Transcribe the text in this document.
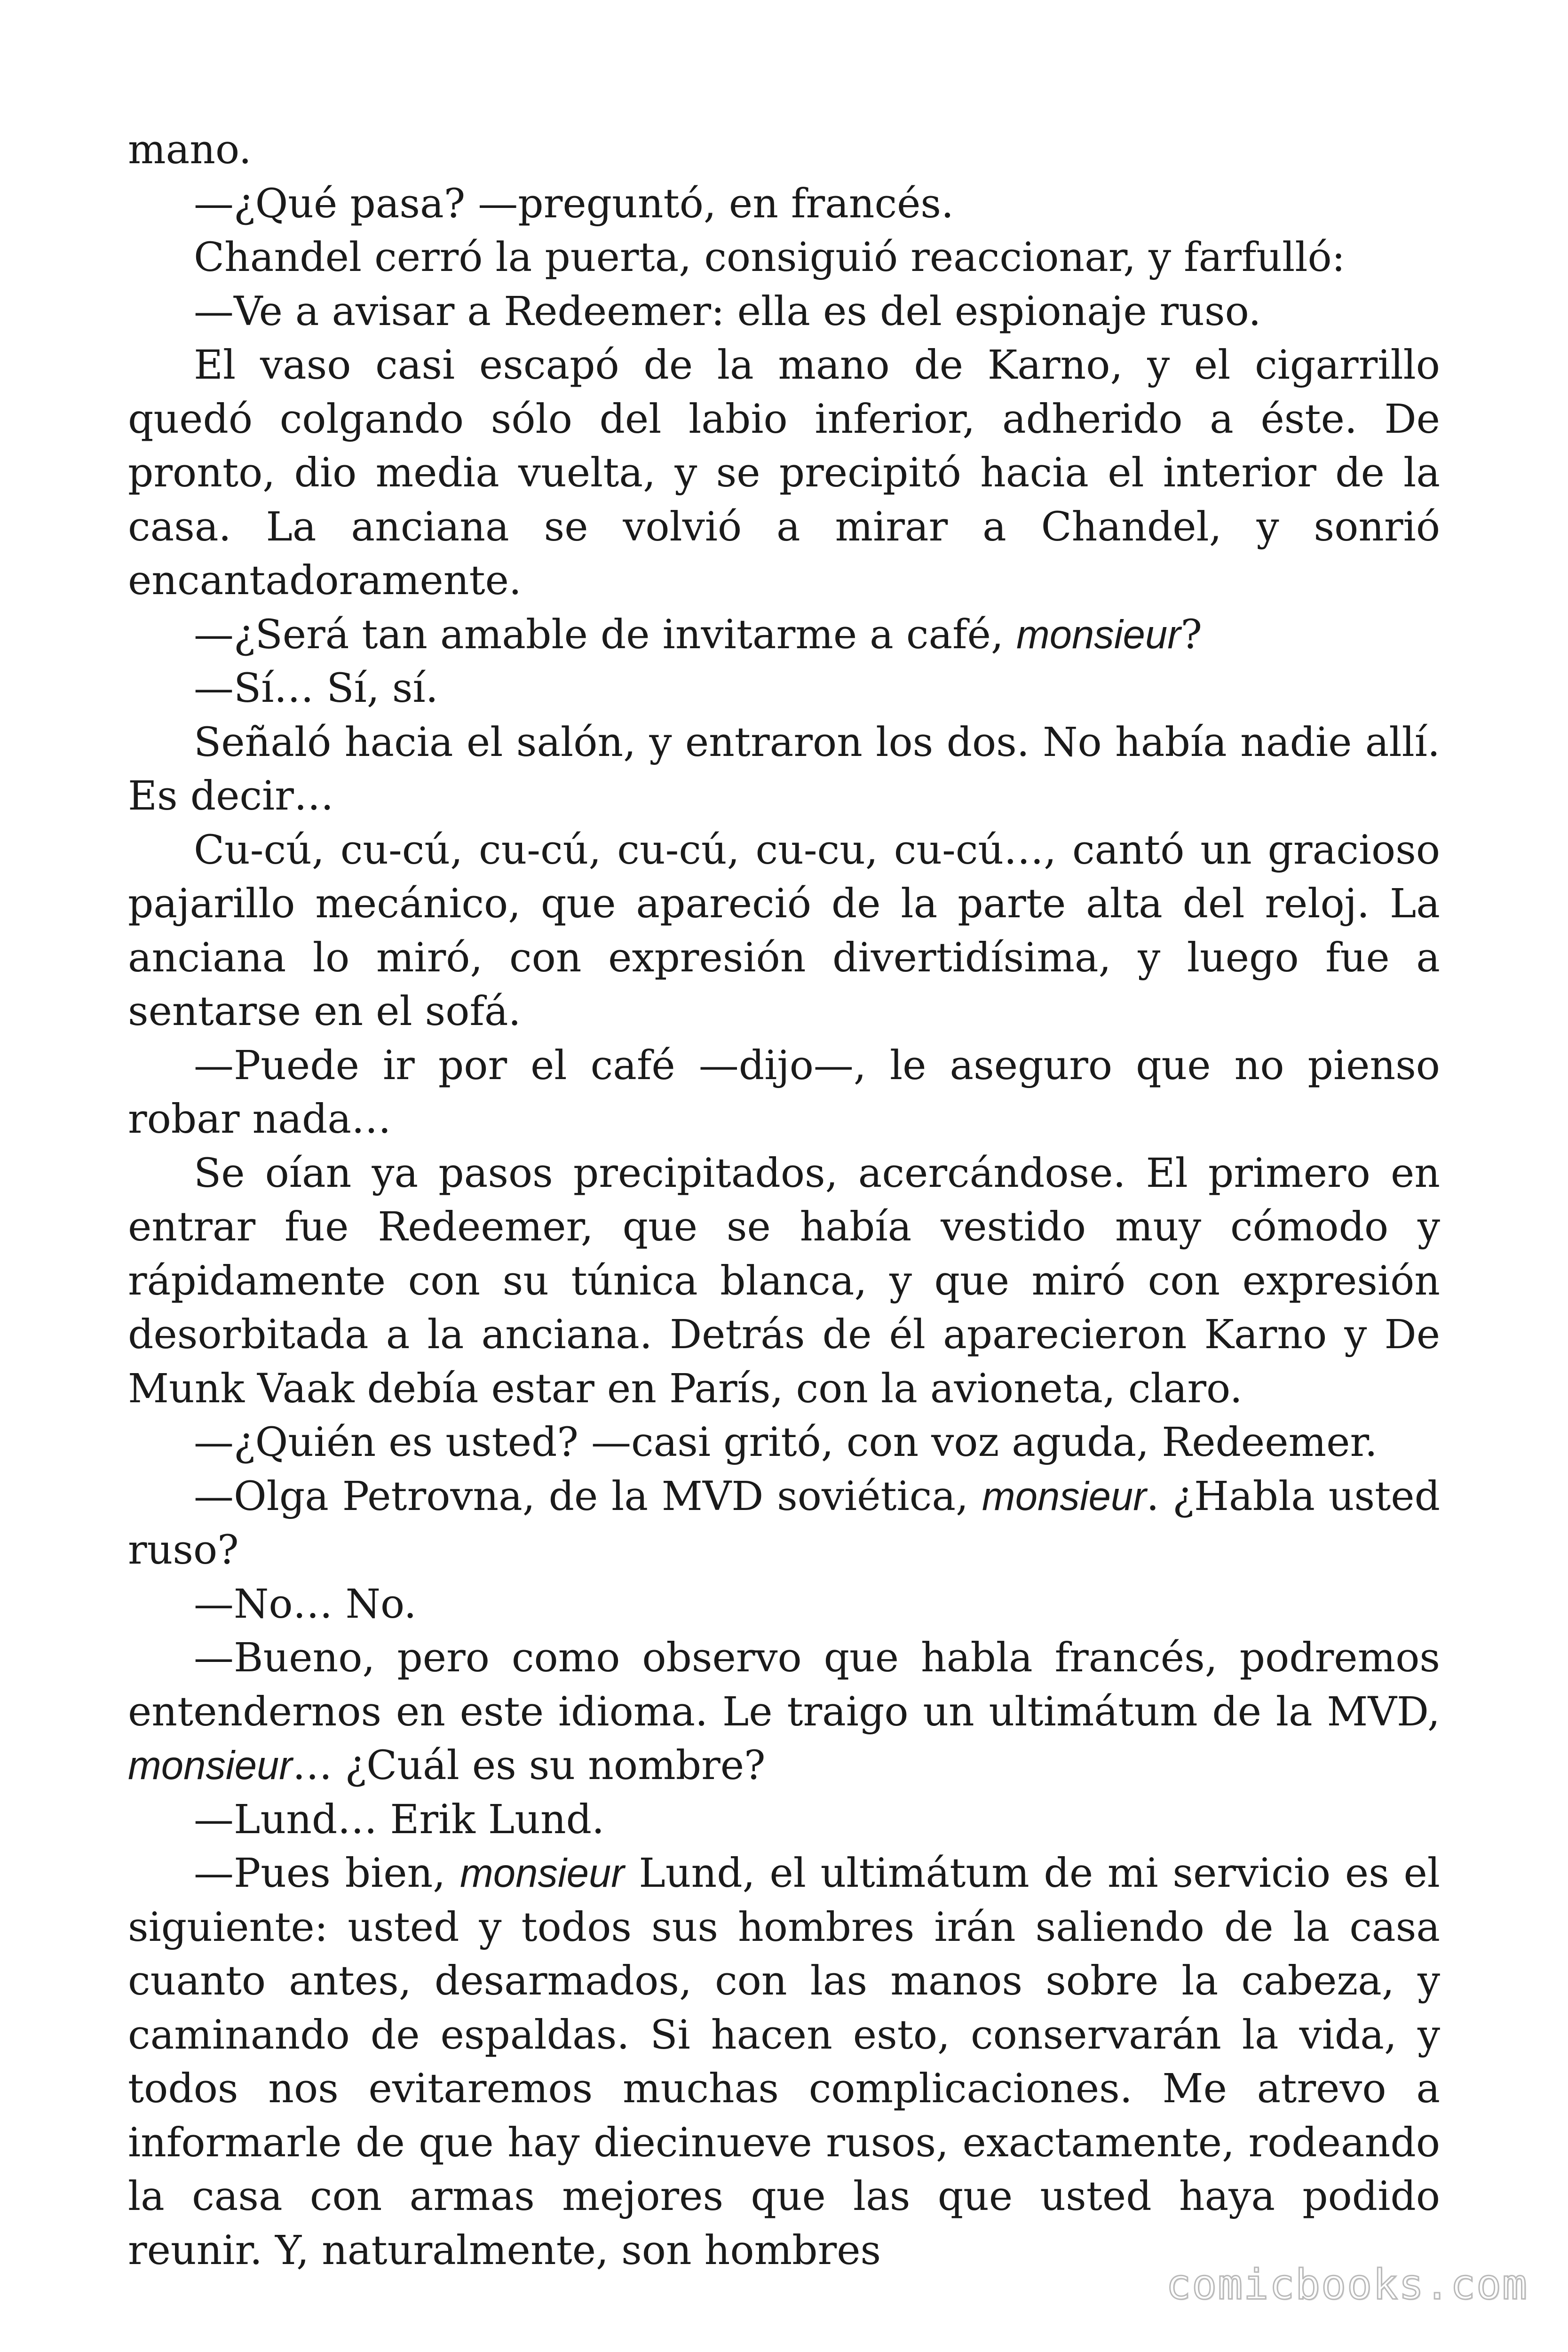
mano.

—¿Qué pasa? —preguntó, en francés.

Chandel cerró la puerta, consiguió reaccionar, y farfulló:

—Ve a avisar a Redeemer: ella es del espionaje ruso.

El vaso casi escapó de la mano de Karno, y el cigarrillo quedó colgando sólo del labio inferior, adherido a éste. De pronto, dio media vuelta, y se precipitó hacia el interior de la casa. La anciana se volvió a mirar a Chandel, y sonrió encantadoramente.

—¿Será tan amable de invitarme a café, monsieur?

—Sí… Sí, sí.

Señaló hacia el salón, y entraron los dos. No había nadie allí. Es decir…

Cu-cú, cu-cú, cu-cú, cu-cú, cu-cu, cu-cú…, cantó un gracioso pajarillo mecánico, que apareció de la parte alta del reloj. La anciana lo miró, con expresión divertidísima, y luego fue a sentarse en el sofá.

—Puede ir por el café —dijo—, le aseguro que no pienso robar nada…

Se oían ya pasos precipitados, acercándose. El primero en entrar fue Redeemer, que se había vestido muy cómodo y rápidamente con su túnica blanca, y que miró con expresión desorbitada a la anciana. Detrás de él aparecieron Karno y De Munk Vaak debía estar en París, con la avioneta, claro.

—¿Quién es usted? —casi gritó, con voz aguda, Redeemer.

—Olga Petrovna, de la MVD soviética, monsieur. ¿Habla usted ruso?

—No… No.

—Bueno, pero como observo que habla francés, podremos entendernos en este idioma. Le traigo un ultimátum de la MVD, monsieur… ¿Cuál es su nombre?

—Lund… Erik Lund.

—Pues bien, monsieur Lund, el ultimátum de mi servicio es el siguiente: usted y todos sus hombres irán saliendo de la casa cuanto antes, desarmados, con las manos sobre la cabeza, y caminando de espaldas. Si hacen esto, conservarán la vida, y todos nos evitaremos muchas complicaciones. Me atrevo a informarle de que hay diecinueve rusos, exactamente, rodeando la casa con armas mejores que las que usted haya podido reunir. Y, naturalmente, son hombres

comicbooks.com
